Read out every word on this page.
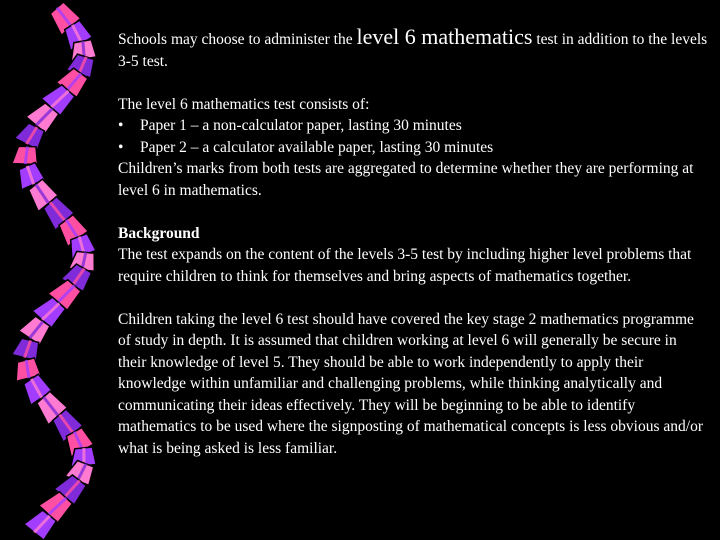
Schools may choose to administer the level 6 mathematics test in addition to the levels 3-5 test.

The level 6 mathematics test consists of:

• Paper 1 – a non-calculator paper, lasting 30 minutes
• Paper 2 – a calculator available paper, lasting 30 minutes

Children’s marks from both tests are aggregated to determine whether they are performing at level 6 in mathematics.

Background

The test expands on the content of the levels 3-5 test by including higher level problems that require children to think for themselves and bring aspects of mathematics together.

Children taking the level 6 test should have covered the key stage 2 mathematics programme of study in depth. It is assumed that children working at level 6 will generally be secure in their knowledge of level 5. They should be able to work independently to apply their knowledge within unfamiliar and challenging problems, while thinking analytically and communicating their ideas effectively. They will be beginning to be able to identify mathematics to be used where the signposting of mathematical concepts is less obvious and/or what is being asked is less familiar.
